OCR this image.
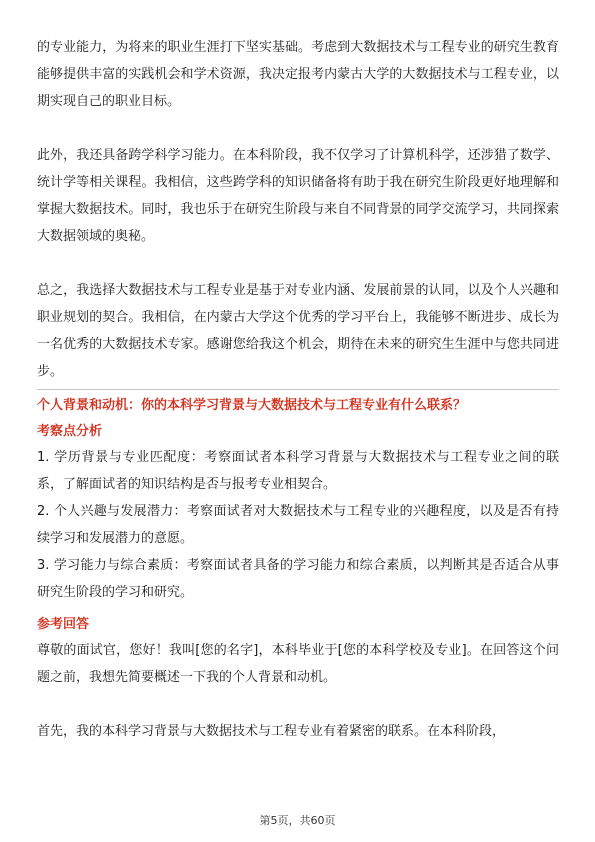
的专业能力，为将来的职业生涯打下坚实基础。考虑到大数据技术与工程专业的研究生教育能够提供丰富的实践机会和学术资源，我决定报考内蒙古大学的大数据技术与工程专业，以期实现自己的职业目标。

此外，我还具备跨学科学习能力。在本科阶段，我不仅学习了计算机科学，还涉猎了数学、统计学等相关课程。我相信，这些跨学科的知识储备将有助于我在研究生阶段更好地理解和掌握大数据技术。同时，我也乐于在研究生阶段与来自不同背景的同学交流学习，共同探索大数据领域的奥秘。

总之，我选择大数据技术与工程专业是基于对专业内涵、发展前景的认同，以及个人兴趣和职业规划的契合。我相信，在内蒙古大学这个优秀的学习平台上，我能够不断进步、成长为一名优秀的大数据技术专家。感谢您给我这个机会，期待在未来的研究生生涯中与您共同进步。

个人背景和动机：你的本科学习背景与大数据技术与工程专业有什么联系？

考察点分析

1. 学历背景与专业匹配度：考察面试者本科学习背景与大数据技术与工程专业之间的联系，了解面试者的知识结构是否与报考专业相契合。

2. 个人兴趣与发展潜力：考察面试者对大数据技术与工程专业的兴趣程度，以及是否有持续学习和发展潜力的意愿。

3. 学习能力与综合素质：考察面试者具备的学习能力和综合素质，以判断其是否适合从事研究生阶段的学习和研究。

参考回答

尊敬的面试官，您好！我叫[您的名字]，本科毕业于[您的本科学校及专业]。在回答这个问题之前，我想先简要概述一下我的个人背景和动机。

首先，我的本科学习背景与大数据技术与工程专业有着紧密的联系。在本科阶段，

第5页，共60页
